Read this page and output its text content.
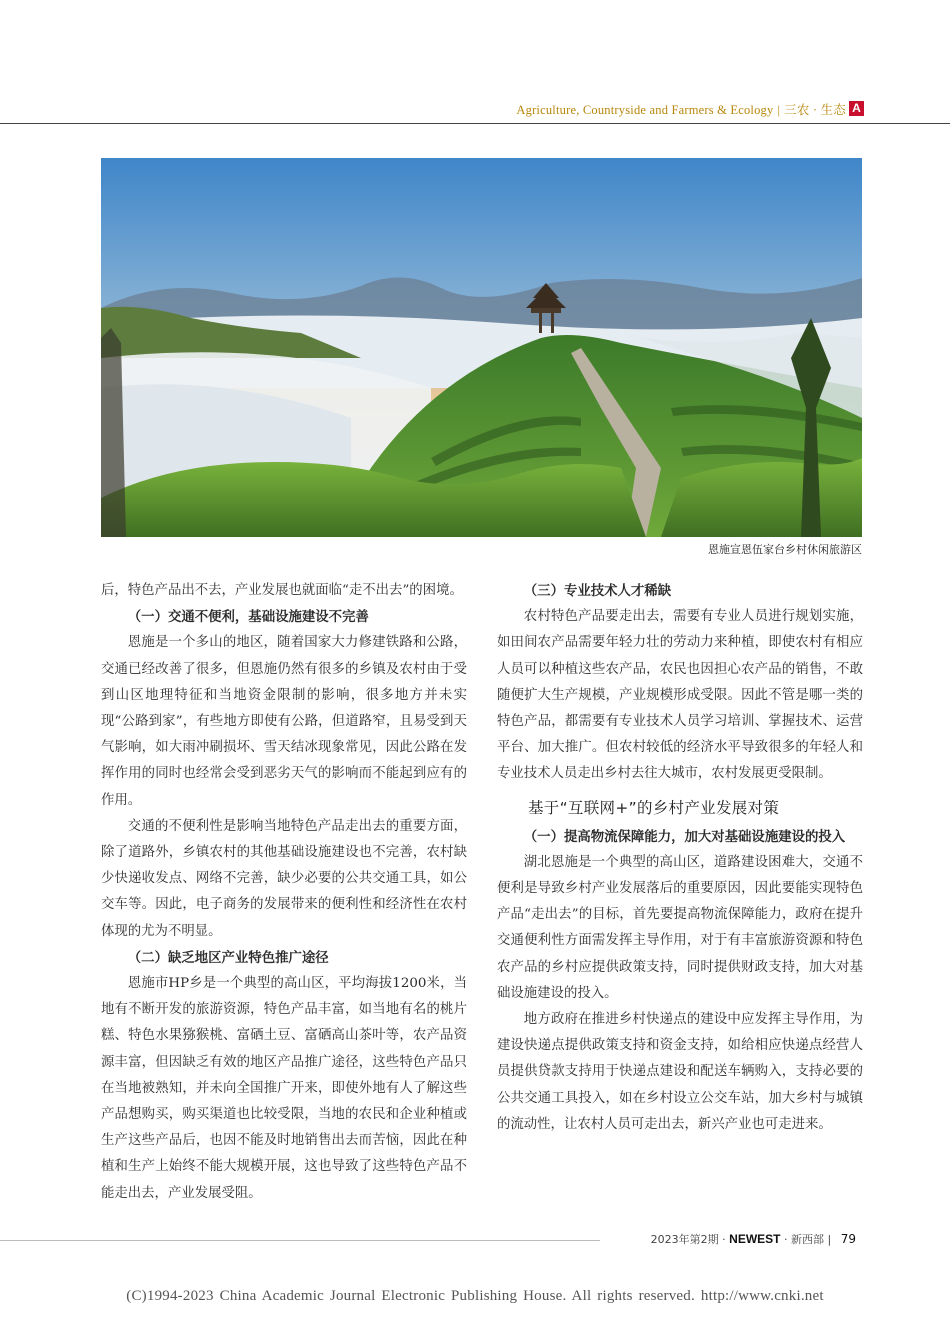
Agriculture, Countryside and Farmers & Ecology | 三农 · 生态 A
恩施宣恩伍家台乡村休闲旅游区

后，特色产品出不去，产业发展也就面临“走不出去”的困境。

（一）交通不便利，基础设施建设不完善

恩施是一个多山的地区，随着国家大力修建铁路和公路，交通已经改善了很多，但恩施仍然有很多的乡镇及农村由于受到山区地理特征和当地资金限制的影响，很多地方并未实现“公路到家”，有些地方即使有公路，但道路窄，且易受到天气影响，如大雨冲刷损坏、雪天结冰现象常见，因此公路在发挥作用的同时也经常会受到恶劣天气的影响而不能起到应有的作用。

交通的不便利性是影响当地特色产品走出去的重要方面，除了道路外，乡镇农村的其他基础设施建设也不完善，农村缺少快递收发点、网络不完善，缺少必要的公共交通工具，如公交车等。因此，电子商务的发展带来的便利性和经济性在农村体现的尤为不明显。

（二）缺乏地区产业特色推广途径

恩施市HP乡是一个典型的高山区，平均海拔1200米，当地有不断开发的旅游资源，特色产品丰富，如当地有名的桃片糕、特色水果猕猴桃、富硒土豆、富硒高山茶叶等，农产品资源丰富，但因缺乏有效的地区产品推广途径，这些特色产品只在当地被熟知，并未向全国推广开来，即使外地有人了解这些产品想购买，购买渠道也比较受限，当地的农民和企业种植或生产这些产品后，也因不能及时地销售出去而苦恼，因此在种植和生产上始终不能大规模开展，这也导致了这些特色产品不能走出去，产业发展受阻。

（三）专业技术人才稀缺

农村特色产品要走出去，需要有专业人员进行规划实施，如田间农产品需要年轻力壮的劳动力来种植，即使农村有相应人员可以种植这些农产品，农民也因担心农产品的销售，不敢随便扩大生产规模，产业规模形成受限。因此不管是哪一类的特色产品，都需要有专业技术人员学习培训、掌握技术、运营平台、加大推广。但农村较低的经济水平导致很多的年轻人和专业技术人员走出乡村去往大城市，农村发展更受限制。

基于“互联网+”的乡村产业发展对策
（一）提高物流保障能力，加大对基础设施建设的投入

湖北恩施是一个典型的高山区，道路建设困难大，交通不便利是导致乡村产业发展落后的重要原因，因此要能实现特色产品“走出去”的目标，首先要提高物流保障能力，政府在提升交通便利性方面需发挥主导作用，对于有丰富旅游资源和特色农产品的乡村应提供政策支持，同时提供财政支持，加大对基础设施建设的投入。

地方政府在推进乡村快递点的建设中应发挥主导作用，为建设快递点提供政策支持和资金支持，如给相应快递点经营人员提供贷款支持用于快递点建设和配送车辆购入，支持必要的公共交通工具投入，如在乡村设立公交车站，加大乡村与城镇的流动性，让农村人员可走出去，新兴产业也可走进来。

2023年第2期 · NEWEST · 新西部 | 79
(C)1994-2023 China Academic Journal Electronic Publishing House. All rights reserved. http://www.cnki.net
